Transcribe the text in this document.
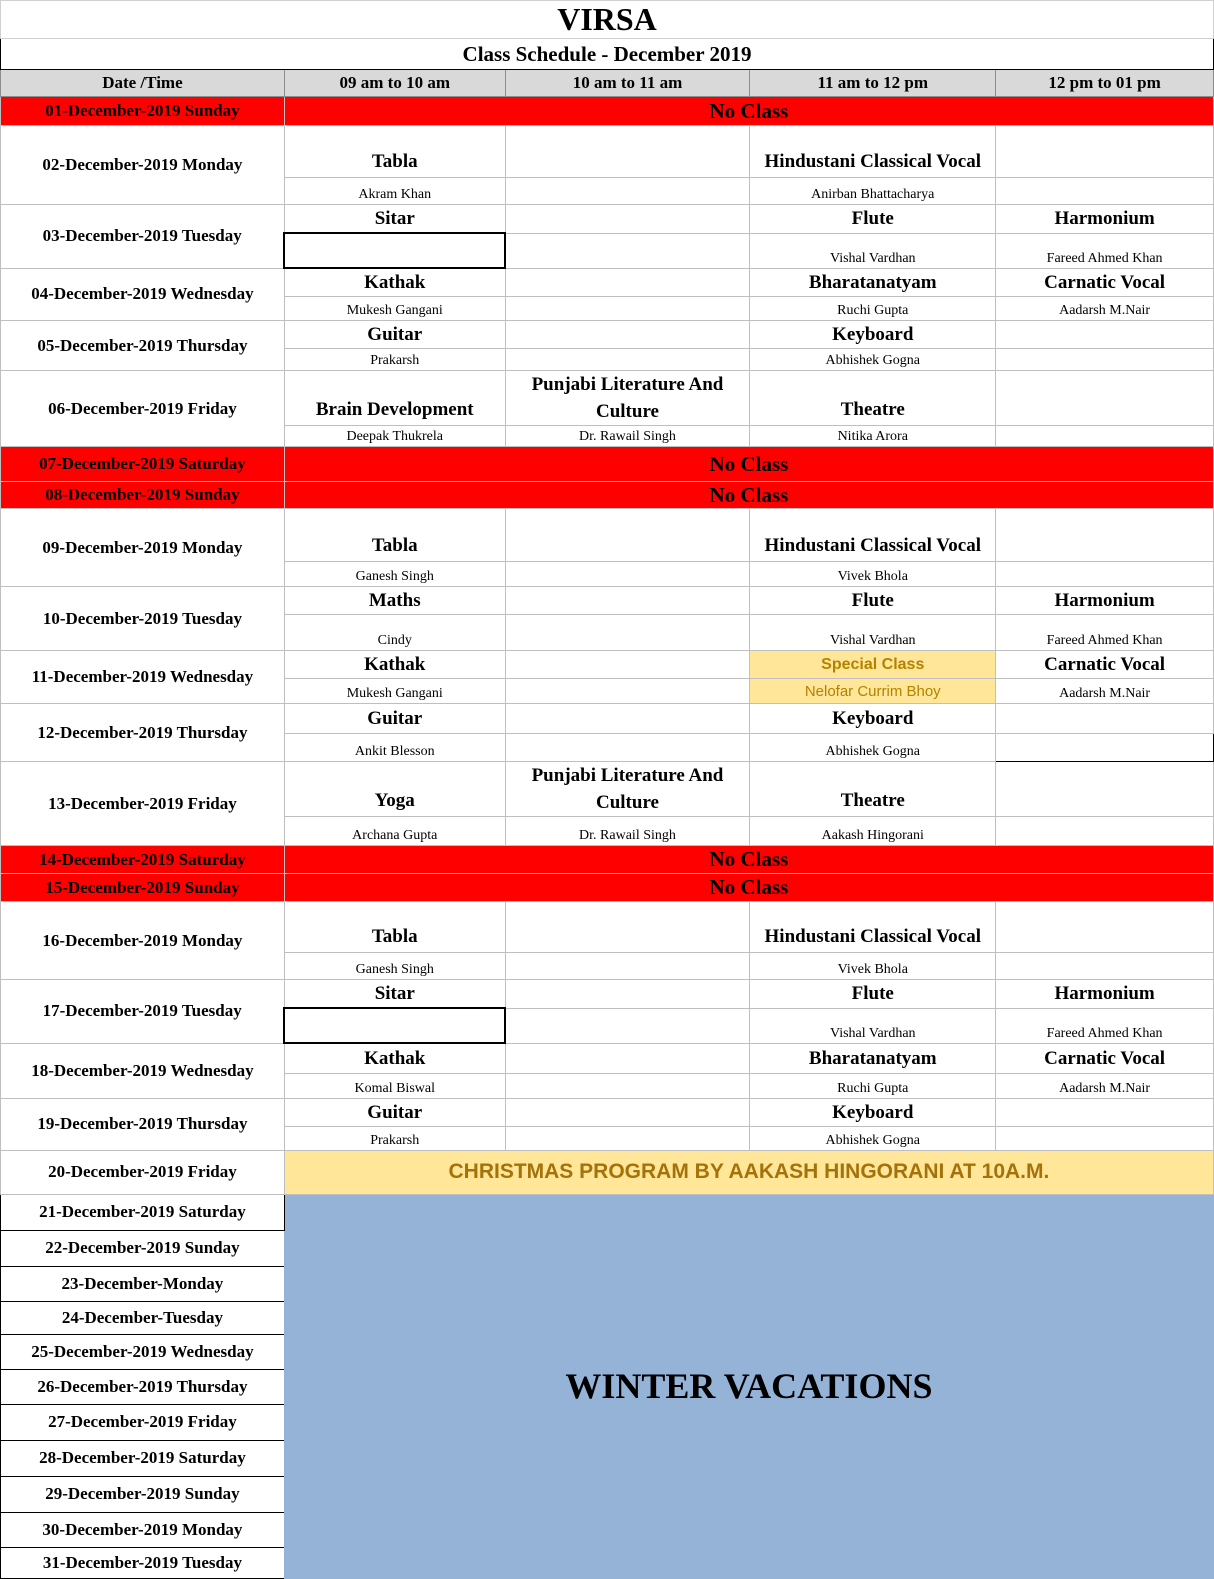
VIRSA				
Class Schedule - December 2019				
Date /Time	09 am to 10 am	10 am to 11 am	11 am to 12 pm	12 pm to 01 pm
01-December-2019 Sunday	No Class			
02-December-2019 Monday	Tabla		Hindustani Classical Vocal	
	Akram Khan		Anirban Bhattacharya	
03-December-2019 Tuesday	Sitar		Flute	Harmonium
			Vishal Vardhan	Fareed Ahmed Khan
04-December-2019 Wednesday	Kathak		Bharatanatyam	Carnatic Vocal
	Mukesh Gangani		Ruchi Gupta	Aadarsh M.Nair
05-December-2019 Thursday	Guitar		Keyboard	
	Prakarsh		Abhishek Gogna	
06-December-2019 Friday	Brain Development	Punjabi Literature And Culture	Theatre	
	Deepak Thukrela	Dr. Rawail Singh	Nitika Arora	
07-December-2019 Saturday	No Class			
08-December-2019 Sunday	No Class			
09-December-2019 Monday	Tabla		Hindustani Classical Vocal	
	Ganesh Singh		Vivek Bhola	
10-December-2019 Tuesday	Maths		Flute	Harmonium
	Cindy		Vishal Vardhan	Fareed Ahmed Khan
11-December-2019 Wednesday	Kathak		Special Class	Carnatic Vocal
	Mukesh Gangani		Nelofar Currim Bhoy	Aadarsh M.Nair
12-December-2019 Thursday	Guitar		Keyboard	
	Ankit Blesson		Abhishek Gogna	
13-December-2019 Friday	Yoga	Punjabi Literature And Culture	Theatre	
	Archana Gupta	Dr. Rawail Singh	Aakash Hingorani	
14-December-2019 Saturday	No Class			
15-December-2019 Sunday	No Class			
16-December-2019 Monday	Tabla		Hindustani Classical Vocal	
	Ganesh Singh		Vivek Bhola	
17-December-2019 Tuesday	Sitar		Flute	Harmonium
			Vishal Vardhan	Fareed Ahmed Khan
18-December-2019 Wednesday	Kathak		Bharatanatyam	Carnatic Vocal
	Komal Biswal		Ruchi Gupta	Aadarsh M.Nair
19-December-2019 Thursday	Guitar		Keyboard	
	Prakarsh		Abhishek Gogna	
20-December-2019 Friday	CHRISTMAS PROGRAM BY AAKASH HINGORANI AT 10A.M.			
21-December-2019 Saturday	WINTER VACATIONS			
22-December-2019 Sunday				
23-December-Monday				
24-December-Tuesday				
25-December-2019 Wednesday				
26-December-2019 Thursday				
27-December-2019 Friday				
28-December-2019 Saturday				
29-December-2019 Sunday				
30-December-2019 Monday				
31-December-2019 Tuesday				
